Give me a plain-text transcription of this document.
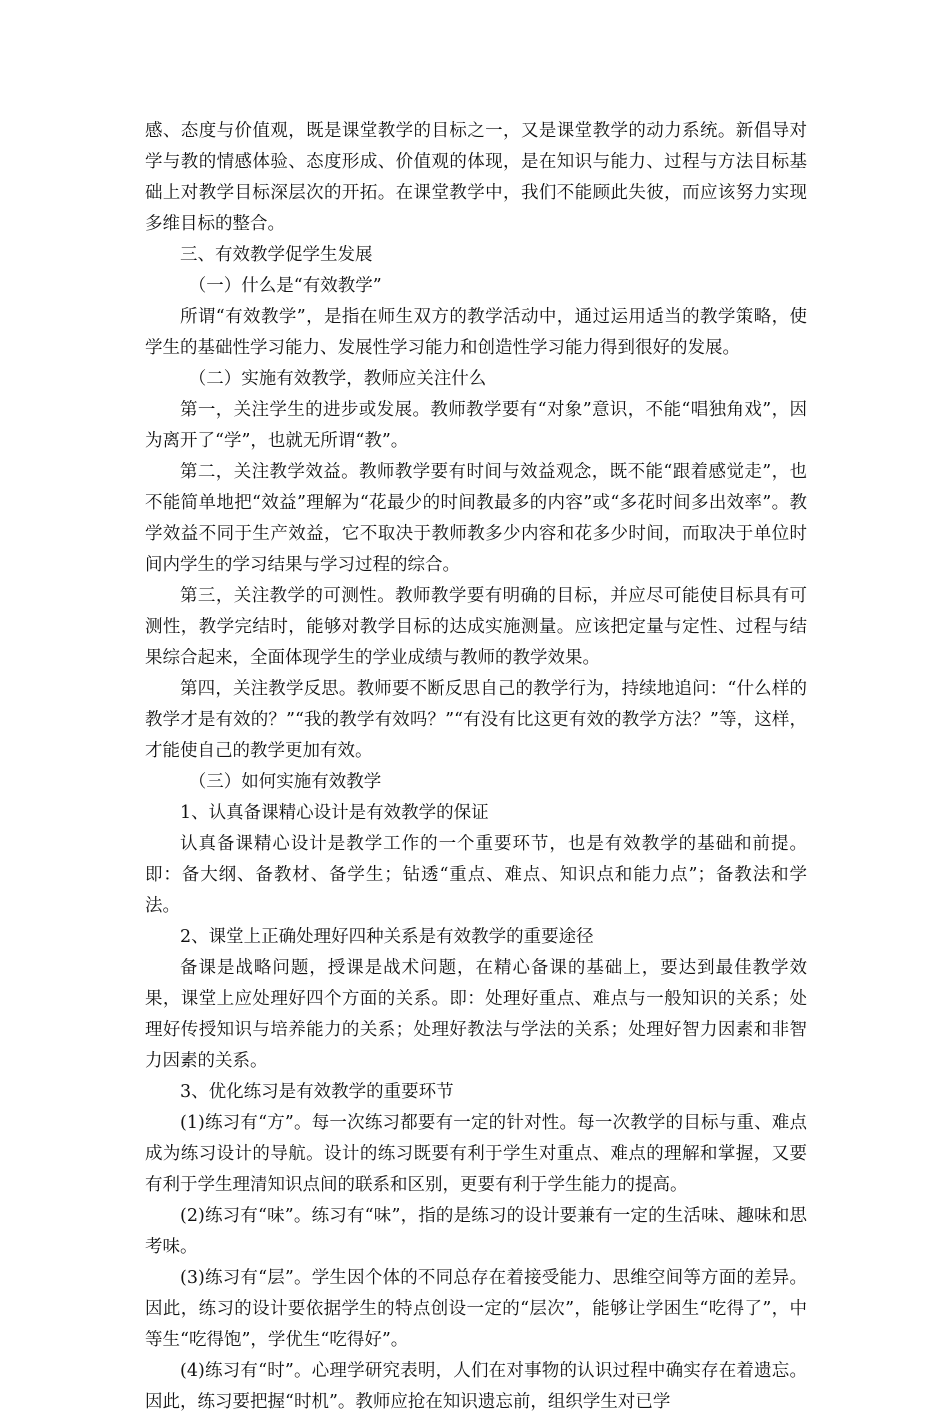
感、态度与价值观，既是课堂教学的目标之一，又是课堂教学的动力系统。新倡导对学与教的情感体验、态度形成、价值观的体现，是在知识与能力、过程与方法目标基础上对教学目标深层次的开拓。在课堂教学中，我们不能顾此失彼，而应该努力实现多维目标的整合。

三、有效教学促学生发展

（一）什么是“有效教学”

所谓“有效教学”，是指在师生双方的教学活动中，通过运用适当的教学策略，使学生的基础性学习能力、发展性学习能力和创造性学习能力得到很好的发展。

（二）实施有效教学，教师应关注什么

第一，关注学生的进步或发展。教师教学要有“对象”意识，不能“唱独角戏”，因为离开了“学”，也就无所谓“教”。

第二，关注教学效益。教师教学要有时间与效益观念，既不能“跟着感觉走”，也不能简单地把“效益”理解为“花最少的时间教最多的内容”或“多花时间多出效率”。教学效益不同于生产效益，它不取决于教师教多少内容和花多少时间，而取决于单位时间内学生的学习结果与学习过程的综合。

第三，关注教学的可测性。教师教学要有明确的目标，并应尽可能使目标具有可测性，教学完结时，能够对教学目标的达成实施测量。应该把定量与定性、过程与结果综合起来，全面体现学生的学业成绩与教师的教学效果。

第四，关注教学反思。教师要不断反思自己的教学行为，持续地追问：“什么样的教学才是有效的？”“我的教学有效吗？”“有没有比这更有效的教学方法？”等，这样，才能使自己的教学更加有效。

（三）如何实施有效教学

1、认真备课精心设计是有效教学的保证

认真备课精心设计是教学工作的一个重要环节，也是有效教学的基础和前提。即：备大纲、备教材、备学生；钻透“重点、难点、知识点和能力点”；备教法和学法。

2、课堂上正确处理好四种关系是有效教学的重要途径

备课是战略问题，授课是战术问题，在精心备课的基础上，要达到最佳教学效果，课堂上应处理好四个方面的关系。即：处理好重点、难点与一般知识的关系；处理好传授知识与培养能力的关系；处理好教法与学法的关系；处理好智力因素和非智力因素的关系。

3、优化练习是有效教学的重要环节

(1)练习有“方”。每一次练习都要有一定的针对性。每一次教学的目标与重、难点成为练习设计的导航。设计的练习既要有利于学生对重点、难点的理解和掌握，又要有利于学生理清知识点间的联系和区别，更要有利于学生能力的提高。

(2)练习有“味”。练习有“味”，指的是练习的设计要兼有一定的生活味、趣味和思考味。

(3)练习有“层”。学生因个体的不同总存在着接受能力、思维空间等方面的差异。因此，练习的设计要依据学生的特点创设一定的“层次”，能够让学困生“吃得了”，中等生“吃得饱”，学优生“吃得好”。

(4)练习有“时”。心理学研究表明，人们在对事物的认识过程中确实存在着遗忘。因此，练习要把握“时机”。教师应抢在知识遗忘前，组织学生对已学
